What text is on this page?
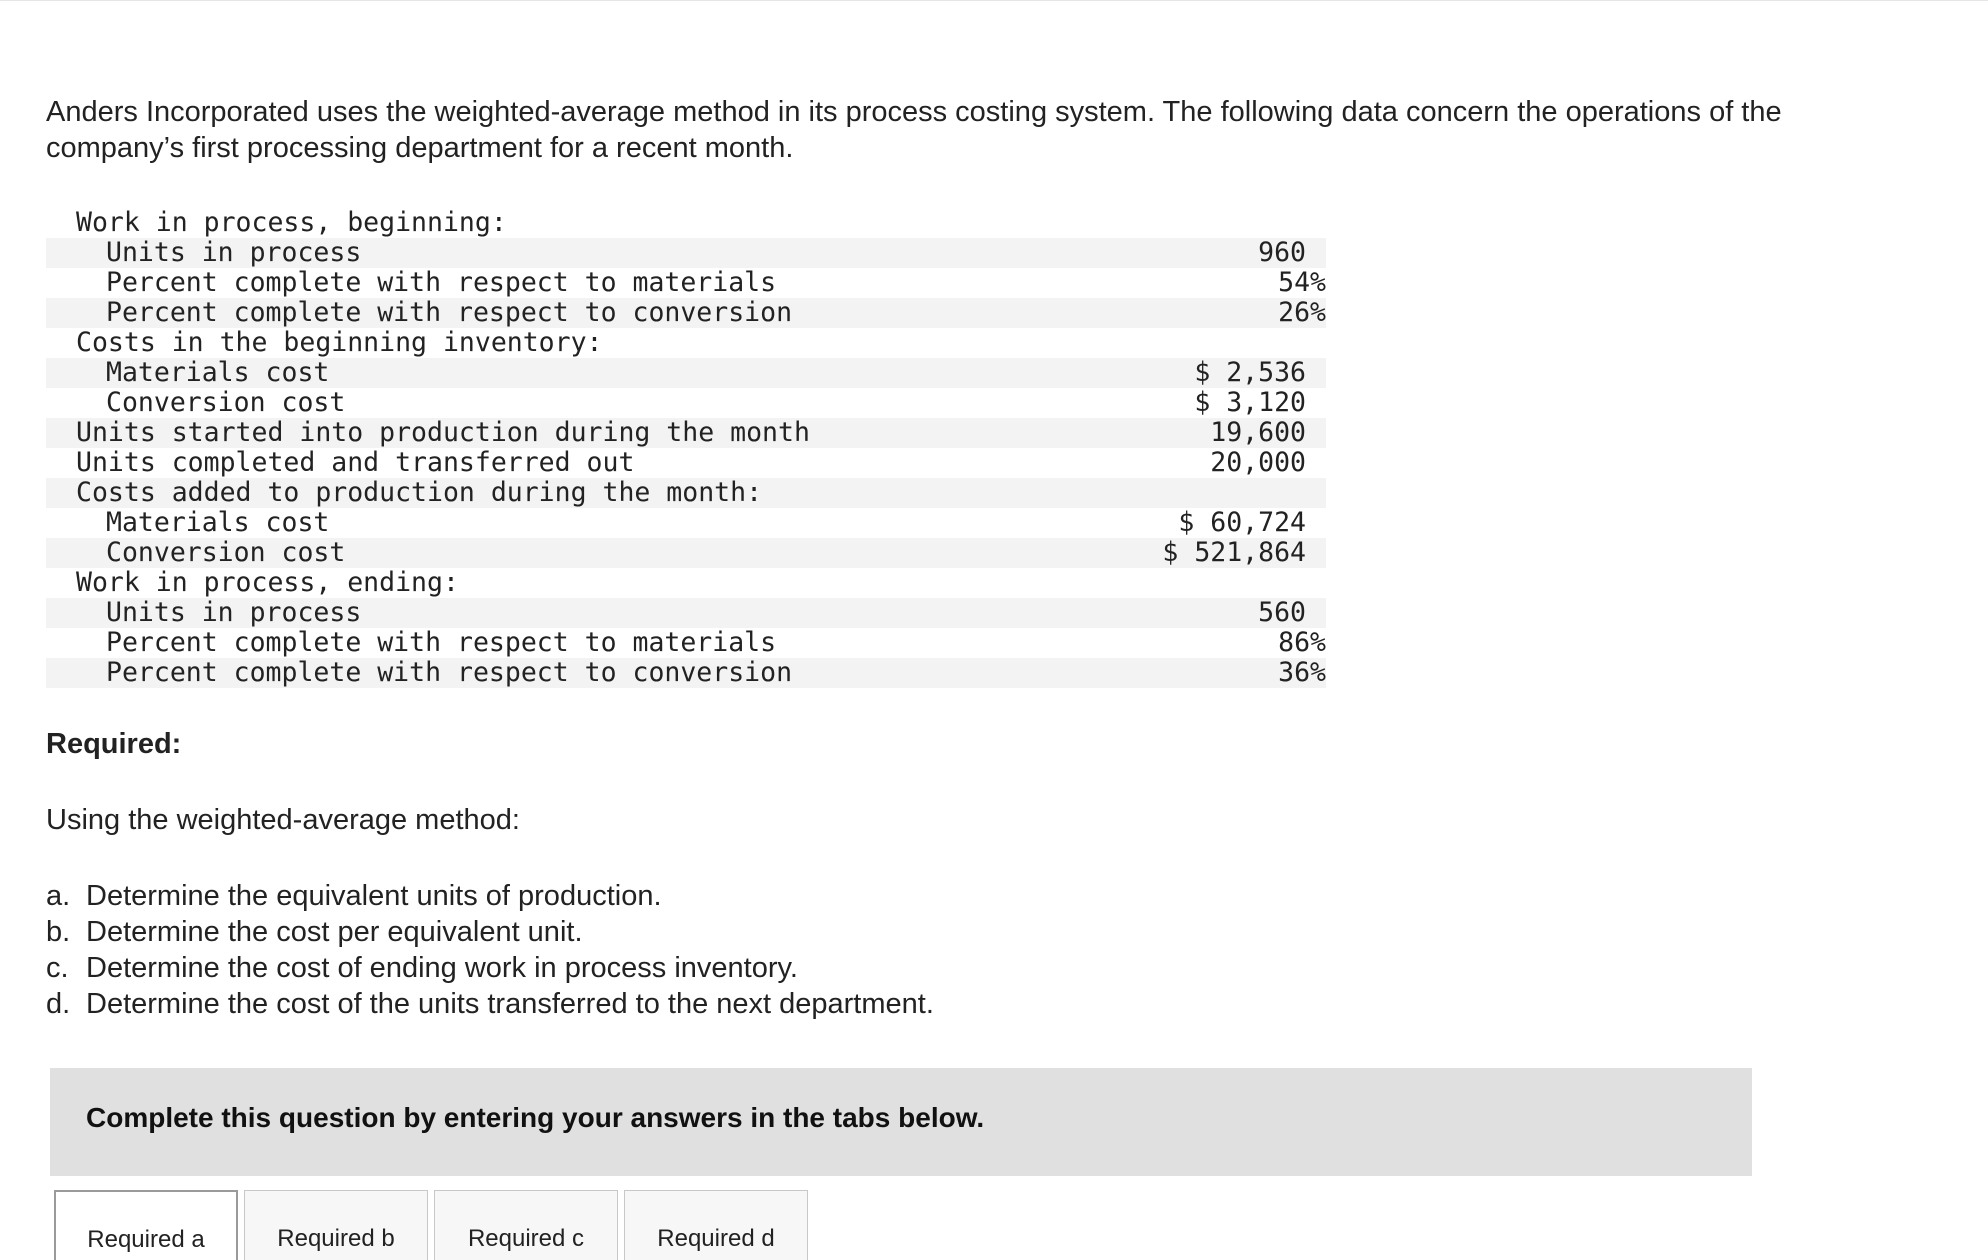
Anders Incorporated uses the weighted-average method in its process costing system. The following data concern the operations of the company’s first processing department for a recent month.

Work in process, beginning:	
Units in process	960
Percent complete with respect to materials	54%
Percent complete with respect to conversion	26%
Costs in the beginning inventory:	
Materials cost	$ 2,536
Conversion cost	$ 3,120
Units started into production during the month	19,600
Units completed and transferred out	20,000
Costs added to production during the month:	
Materials cost	$ 60,724
Conversion cost	$ 521,864
Work in process, ending:	
Units in process	560
Percent complete with respect to materials	86%
Percent complete with respect to conversion	36%

Required:

Using the weighted-average method:

a. Determine the equivalent units of production.
b. Determine the cost per equivalent unit.
c. Determine the cost of ending work in process inventory.
d. Determine the cost of the units transferred to the next department.

Complete this question by entering your answers in the tabs below.

Required a	Required b	Required c	Required d
